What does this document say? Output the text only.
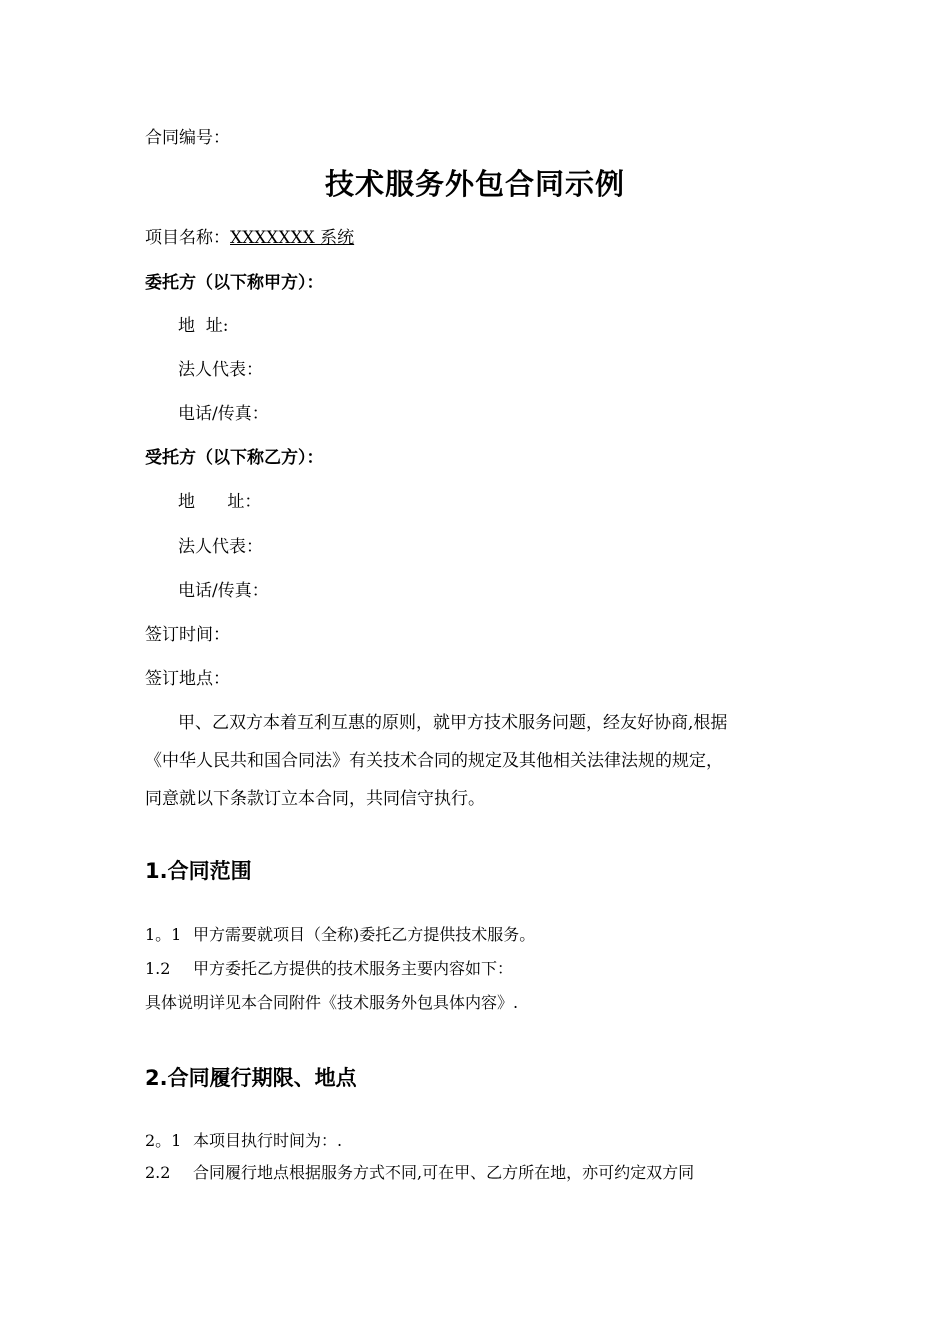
合同编号：
技术服务外包合同示例
项目名称：XXXXXXX 系统
委托方（以下称甲方）：
地  址:
法人代表：
电话/传真：
受托方（以下称乙方）：
地      址：
法人代表：
电话/传真：
签订时间：
签订地点：
甲、乙双方本着互利互惠的原则，就甲方技术服务问题，经友好协商,根据
《中华人民共和国合同法》有关技术合同的规定及其他相关法律法规的规定，
同意就以下条款订立本合同，共同信守执行。
1.合同范围
1。1 甲方需要就项目（全称)委托乙方提供技术服务。
1.2 甲方委托乙方提供的技术服务主要内容如下：
具体说明详见本合同附件《技术服务外包具体内容》.
2.合同履行期限、地点
2。1 本项目执行时间为：.
2.2 合同履行地点根据服务方式不同,可在甲、乙方所在地，亦可约定双方同
